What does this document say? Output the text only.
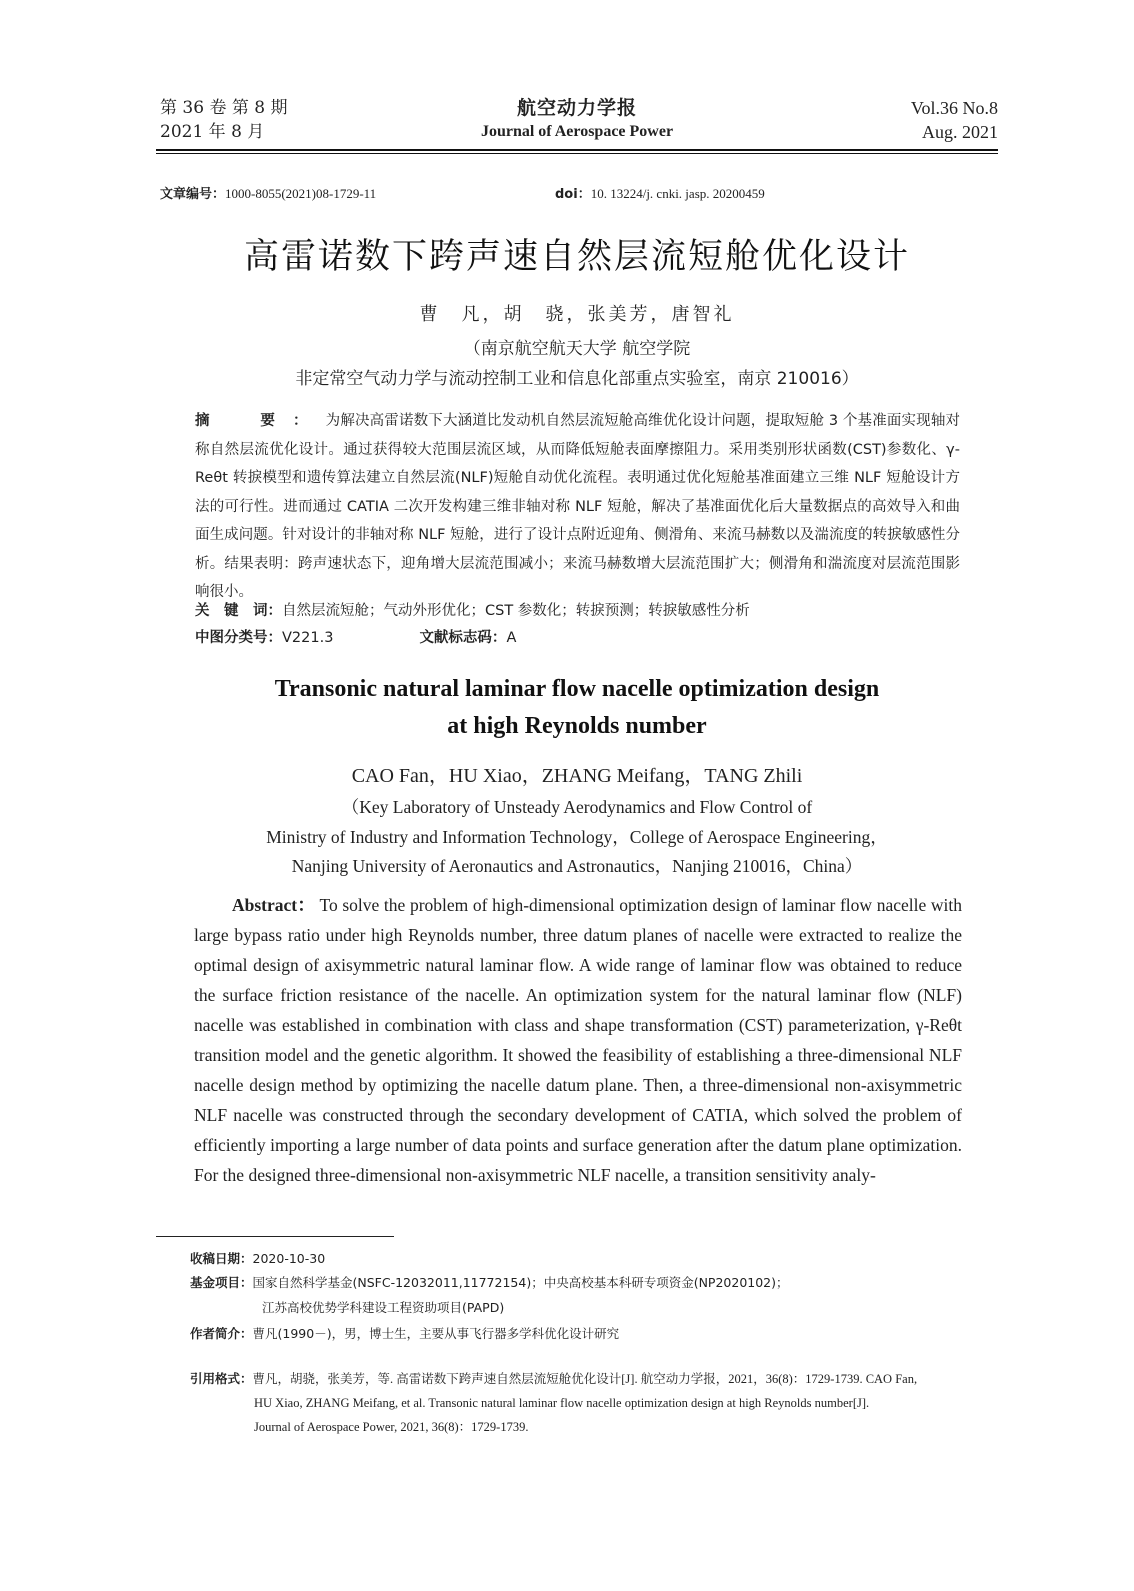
第 36 卷 第 8 期
2021 年 8 月
航空动力学报
Journal of Aerospace Power
Vol.36 No.8
Aug. 2021
文章编号：1000-8055(2021)08-1729-11	doi：10. 13224/j. cnki. jasp. 20200459
高雷诺数下跨声速自然层流短舱优化设计
曹　凡，胡　骁，张美芳，唐智礼
（南京航空航天大学 航空学院
非定常空气动力学与流动控制工业和信息化部重点实验室，南京 210016）
摘　要：为解决高雷诺数下大涵道比发动机自然层流短舱高维优化设计问题，提取短舱 3 个基准面实现轴对称自然层流优化设计。通过获得较大范围层流区域，从而降低短舱表面摩擦阻力。采用类别形状函数(CST)参数化、γ-Reθt 转捩模型和遗传算法建立自然层流(NLF)短舱自动优化流程。表明通过优化短舱基准面建立三维 NLF 短舱设计方法的可行性。进而通过 CATIA 二次开发构建三维非轴对称 NLF 短舱，解决了基准面优化后大量数据点的高效导入和曲面生成问题。针对设计的非轴对称 NLF 短舱，进行了设计点附近迎角、侧滑角、来流马赫数以及湍流度的转捩敏感性分析。结果表明：跨声速状态下，迎角增大层流范围减小；来流马赫数增大层流范围扩大；侧滑角和湍流度对层流范围影响很小。
关　键　词：自然层流短舱；气动外形优化；CST 参数化；转捩预测；转捩敏感性分析
中图分类号：V221.3	文献标志码：A
Transonic natural laminar flow nacelle optimization design
at high Reynolds number
CAO Fan，HU Xiao，ZHANG Meifang，TANG Zhili
（Key Laboratory of Unsteady Aerodynamics and Flow Control of
Ministry of Industry and Information Technology，College of Aerospace Engineering，
Nanjing University of Aeronautics and Astronautics，Nanjing 210016，China）
Abstract： To solve the problem of high-dimensional optimization design of laminar flow nacelle with large bypass ratio under high Reynolds number, three datum planes of nacelle were extracted to realize the optimal design of axisymmetric natural laminar flow. A wide range of laminar flow was obtained to reduce the surface friction resistance of the nacelle. An optimization system for the natural laminar flow (NLF) nacelle was established in combination with class and shape transformation (CST) parameterization, γ-Reθt transition model and the genetic algorithm. It showed the feasibility of establishing a three-dimensional NLF nacelle design method by optimizing the nacelle datum plane. Then, a three-dimensional non-axisymmetric NLF nacelle was constructed through the secondary development of CATIA, which solved the problem of efficiently importing a large number of data points and surface generation after the datum plane optimization. For the designed three-dimensional non-axisymmetric NLF nacelle, a transition sensitivity analy-
收稿日期：2020-10-30
基金项目：国家自然科学基金(NSFC-12032011,11772154)；中央高校基本科研专项资金(NP2020102)；
江苏高校优势学科建设工程资助项目(PAPD)
作者简介：曹凡(1990－)，男，博士生，主要从事飞行器多学科优化设计研究
引用格式：曹凡，胡骁，张美芳，等. 高雷诺数下跨声速自然层流短舱优化设计[J]. 航空动力学报，2021，36(8)：1729-1739. CAO Fan,
HU Xiao, ZHANG Meifang, et al. Transonic natural laminar flow nacelle optimization design at high Reynolds number[J].
Journal of Aerospace Power, 2021, 36(8)：1729-1739.
